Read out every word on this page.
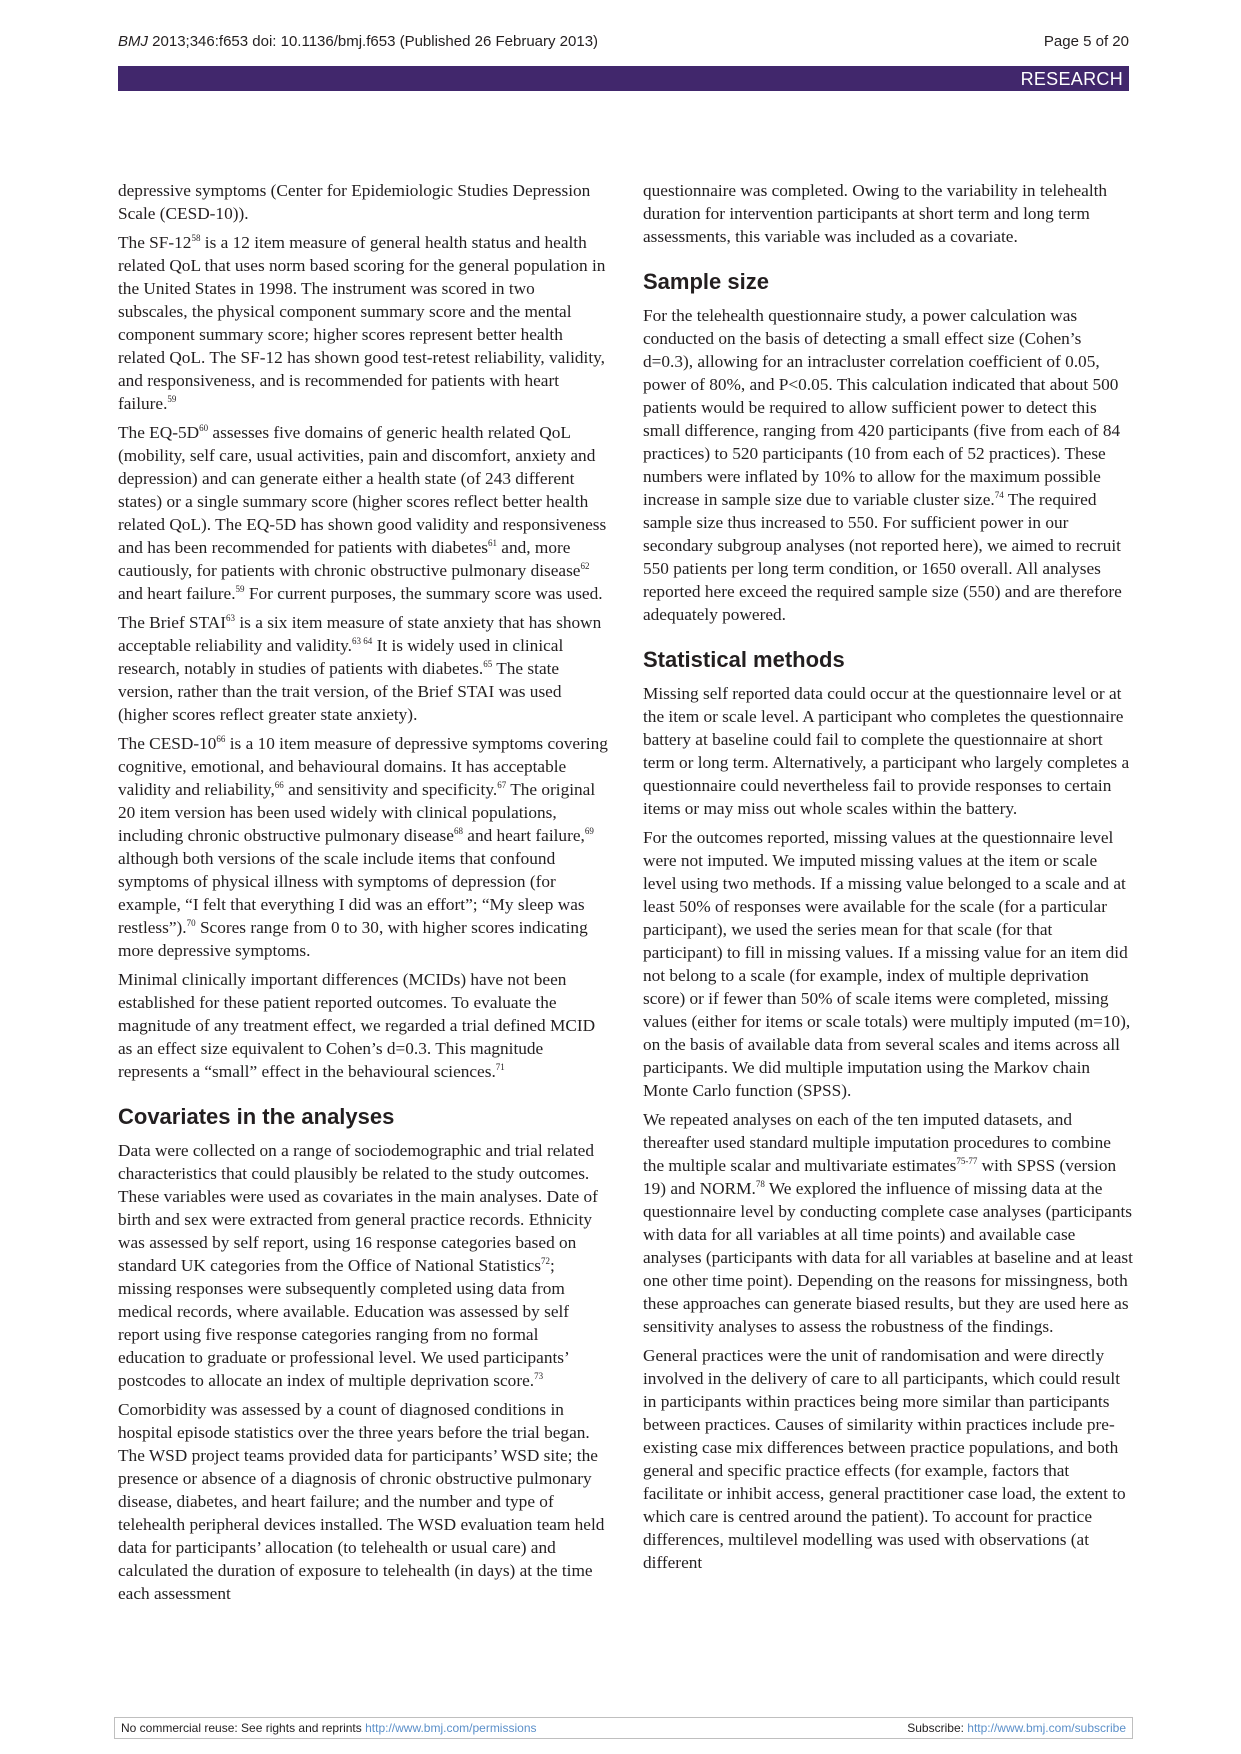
BMJ 2013;346:f653 doi: 10.1136/bmj.f653 (Published 26 February 2013)	Page 5 of 20
RESEARCH

depressive symptoms (Center for Epidemiologic Studies Depression Scale (CESD-10)).

The $SF-12^{58}$ is a 12 item measure of general health status and health related QoL that uses norm based scoring for the general population in the United States in 1998. The instrument was scored in two subscales, the physical component summary score and the mental component summary score; higher scores represent better health related QoL. The SF-12 has shown good test-retest reliability, validity, and responsiveness, and is recommended for patients with heart failure.$^{59}$

The $EQ-5D^{60}$ assesses five domains of generic health related QoL (mobility, self care, usual activities, pain and discomfort, anxiety and depression) and can generate either a health state (of 243 different states) or a single summary score (higher scores reflect better health related QoL). The EQ-5D has shown good validity and responsiveness and has been recommended for patients with diabetes$^{61}$ and, more cautiously, for patients with chronic obstructive pulmonary disease$^{62}$ and heart failure.$^{59}$ For current purposes, the summary score was used.

The Brief STAI$^{63}$ is a six item measure of state anxiety that has shown acceptable reliability and validity.$^{63 64}$ It is widely used in clinical research, notably in studies of patients with diabetes.$^{65}$ The state version, rather than the trait version, of the Brief STAI was used (higher scores reflect greater state anxiety).

The CESD-$10^{66}$ is a 10 item measure of depressive symptoms covering cognitive, emotional, and behavioural domains. It has acceptable validity and reliability,$^{66}$ and sensitivity and specificity.$^{67}$ The original 20 item version has been used widely with clinical populations, including chronic obstructive pulmonary disease$^{68}$ and heart failure,$^{69}$ although both versions of the scale include items that confound symptoms of physical illness with symptoms of depression (for example, “I felt that everything I did was an effort”; “My sleep was restless”).$^{70}$ Scores range from 0 to 30, with higher scores indicating more depressive symptoms.

Minimal clinically important differences (MCIDs) have not been established for these patient reported outcomes. To evaluate the magnitude of any treatment effect, we regarded a trial defined MCID as an effect size equivalent to Cohen’s d=0.3. This magnitude represents a “small” effect in the behavioural sciences.$^{71}$

Covariates in the analyses

Data were collected on a range of sociodemographic and trial related characteristics that could plausibly be related to the study outcomes. These variables were used as covariates in the main analyses. Date of birth and sex were extracted from general practice records. Ethnicity was assessed by self report, using 16 response categories based on standard UK categories from the Office of National Statistics$^{72}$; missing responses were subsequently completed using data from medical records, where available. Education was assessed by self report using five response categories ranging from no formal education to graduate or professional level. We used participants’ postcodes to allocate an index of multiple deprivation score.$^{73}$

Comorbidity was assessed by a count of diagnosed conditions in hospital episode statistics over the three years before the trial began. The WSD project teams provided data for participants’ WSD site; the presence or absence of a diagnosis of chronic obstructive pulmonary disease, diabetes, and heart failure; and the number and type of telehealth peripheral devices installed. The WSD evaluation team held data for participants’ allocation (to telehealth or usual care) and calculated the duration of exposure to telehealth (in days) at the time each assessment

questionnaire was completed. Owing to the variability in telehealth duration for intervention participants at short term and long term assessments, this variable was included as a covariate.

Sample size

For the telehealth questionnaire study, a power calculation was conducted on the basis of detecting a small effect size (Cohen’s d=0.3), allowing for an intracluster correlation coefficient of 0.05, power of 80%, and P<0.05. This calculation indicated that about 500 patients would be required to allow sufficient power to detect this small difference, ranging from 420 participants (five from each of 84 practices) to 520 participants (10 from each of 52 practices). These numbers were inflated by 10% to allow for the maximum possible increase in sample size due to variable cluster size.$^{74}$ The required sample size thus increased to 550. For sufficient power in our secondary subgroup analyses (not reported here), we aimed to recruit 550 patients per long term condition, or 1650 overall. All analyses reported here exceed the required sample size (550) and are therefore adequately powered.

Statistical methods

Missing self reported data could occur at the questionnaire level or at the item or scale level. A participant who completes the questionnaire battery at baseline could fail to complete the questionnaire at short term or long term. Alternatively, a participant who largely completes a questionnaire could nevertheless fail to provide responses to certain items or may miss out whole scales within the battery.

For the outcomes reported, missing values at the questionnaire level were not imputed. We imputed missing values at the item or scale level using two methods. If a missing value belonged to a scale and at least 50% of responses were available for the scale (for a particular participant), we used the series mean for that scale (for that participant) to fill in missing values. If a missing value for an item did not belong to a scale (for example, index of multiple deprivation score) or if fewer than 50% of scale items were completed, missing values (either for items or scale totals) were multiply imputed (m=10), on the basis of available data from several scales and items across all participants. We did multiple imputation using the Markov chain Monte Carlo function (SPSS).

We repeated analyses on each of the ten imputed datasets, and thereafter used standard multiple imputation procedures to combine the multiple scalar and multivariate estimates$^{75-77}$ with SPSS (version 19) and NORM.$^{78}$ We explored the influence of missing data at the questionnaire level by conducting complete case analyses (participants with data for all variables at all time points) and available case analyses (participants with data for all variables at baseline and at least one other time point). Depending on the reasons for missingness, both these approaches can generate biased results, but they are used here as sensitivity analyses to assess the robustness of the findings.

General practices were the unit of randomisation and were directly involved in the delivery of care to all participants, which could result in participants within practices being more similar than participants between practices. Causes of similarity within practices include pre-existing case mix differences between practice populations, and both general and specific practice effects (for example, factors that facilitate or inhibit access, general practitioner case load, the extent to which care is centred around the patient). To account for practice differences, multilevel modelling was used with observations (at different

No commercial reuse: See rights and reprints http://www.bmj.com/permissions	Subscribe: http://www.bmj.com/subscribe
